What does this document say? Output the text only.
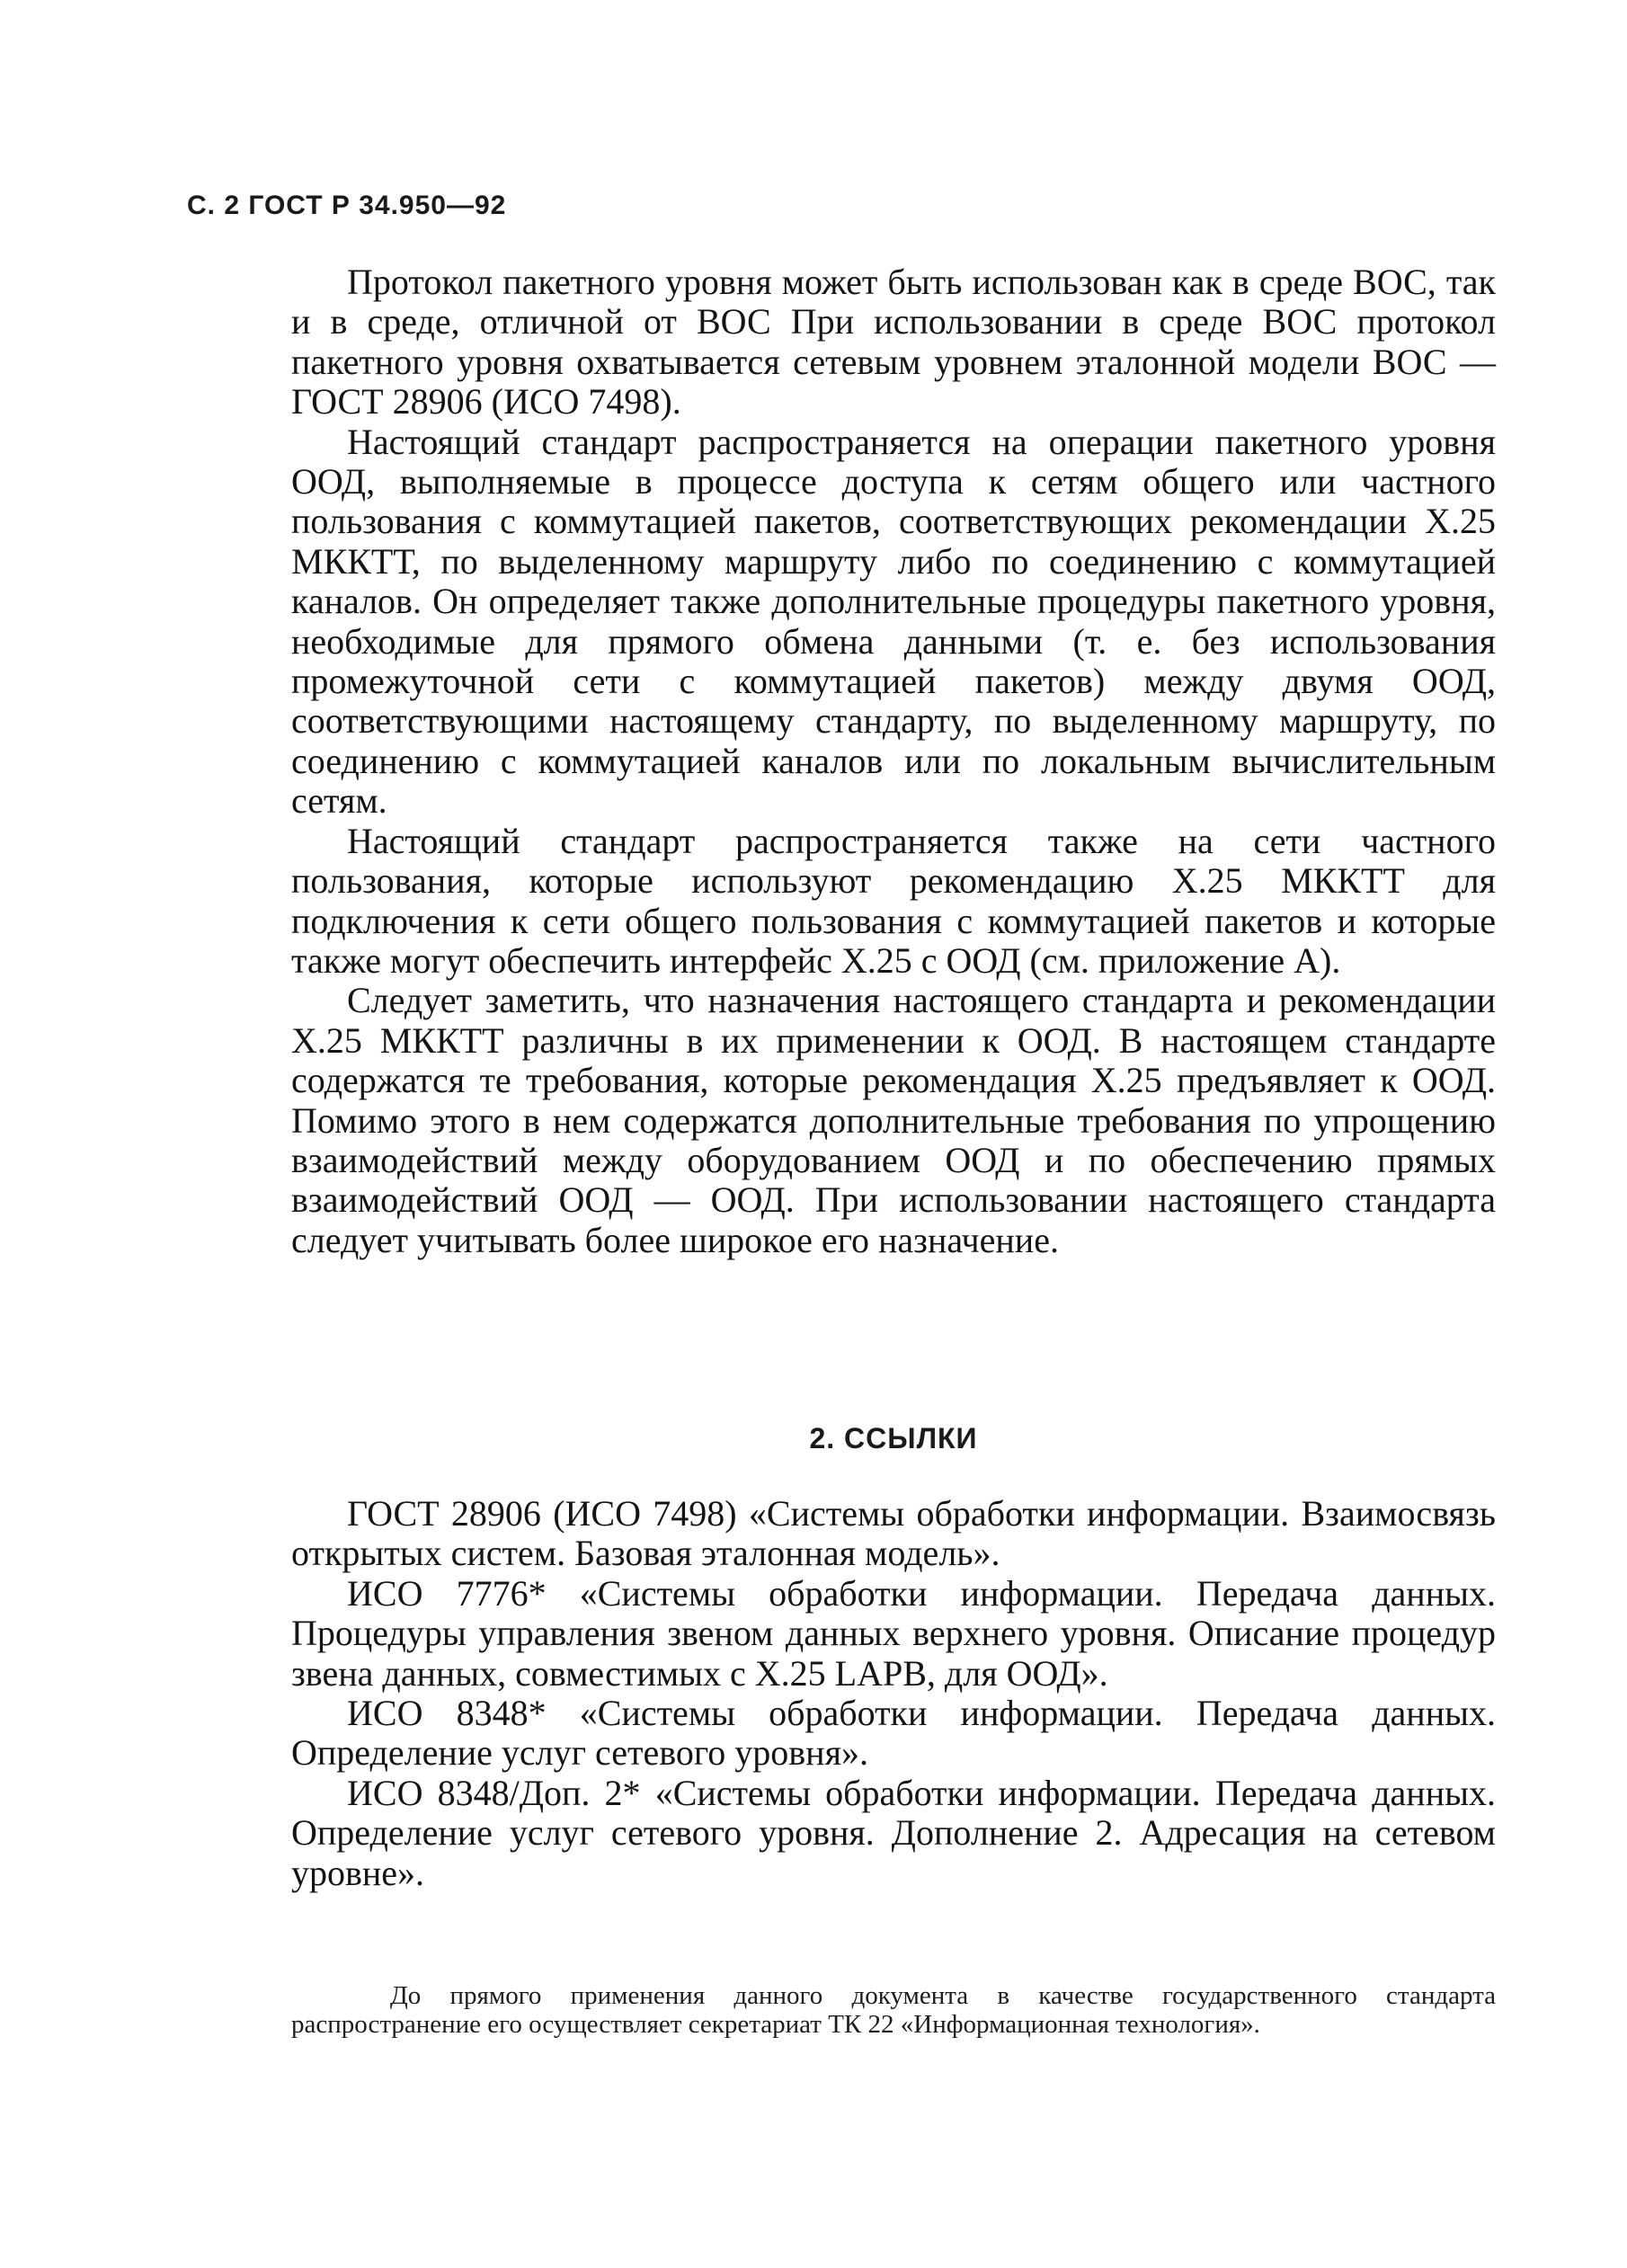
С. 2 ГОСТ Р 34.950—92

Протокол пакетного уровня может быть использован как в среде ВОС, так и в среде, отличной от ВОС При использовании в среде ВОС протокол пакетного уровня охватывается сетевым уровнем эталонной модели ВОС — ГОСТ 28906 (ИСО 7498).

Настоящий стандарт распространяется на операции пакетного уровня ООД, выполняемые в процессе доступа к сетям общего или частного пользования с коммутацией пакетов, соответствующих рекомендации Х.25 МККТТ, по выделенному маршруту либо по соединению с коммутацией каналов. Он определяет также дополнительные процедуры пакетного уровня, необходимые для прямого обмена данными (т. е. без использования промежуточной сети с коммутацией пакетов) между двумя ООД, соответствующими настоящему стандарту, по выделенному маршруту, по соединению с коммутацией каналов или по локальным вычислительным сетям.

Настоящий стандарт распространяется также на сети частного пользования, которые используют рекомендацию Х.25 МККТТ для подключения к сети общего пользования с коммутацией пакетов и которые также могут обеспечить интерфейс Х.25 с ООД (см. приложение А).

Следует заметить, что назначения настоящего стандарта и рекомендации Х.25 МККТТ различны в их применении к ООД. В настоящем стандарте содержатся те требования, которые рекомендация Х.25 предъявляет к ООД. Помимо этого в нем содержатся дополнительные требования по упрощению взаимодействий между оборудованием ООД и по обеспечению прямых взаимодействий ООД — ООД. При использовании настоящего стандарта следует учитывать более широкое его назначение.

2. ССЫЛКИ

ГОСТ 28906 (ИСО 7498) «Системы обработки информации. Взаимосвязь открытых систем. Базовая эталонная модель».

ИСО 7776* «Системы обработки информации. Передача данных. Процедуры управления звеном данных верхнего уровня. Описание процедур звена данных, совместимых с Х.25 LAPB, для ООД».

ИСО 8348* «Системы обработки информации. Передача данных. Определение услуг сетевого уровня».

ИСО 8348/Доп. 2* «Системы обработки информации. Передача данных. Определение услуг сетевого уровня. Дополнение 2. Адресация на сетевом уровне».

До прямого применения данного документа в качестве государственного стандарта распространение его осуществляет секретариат ТК 22 «Информационная технология».
